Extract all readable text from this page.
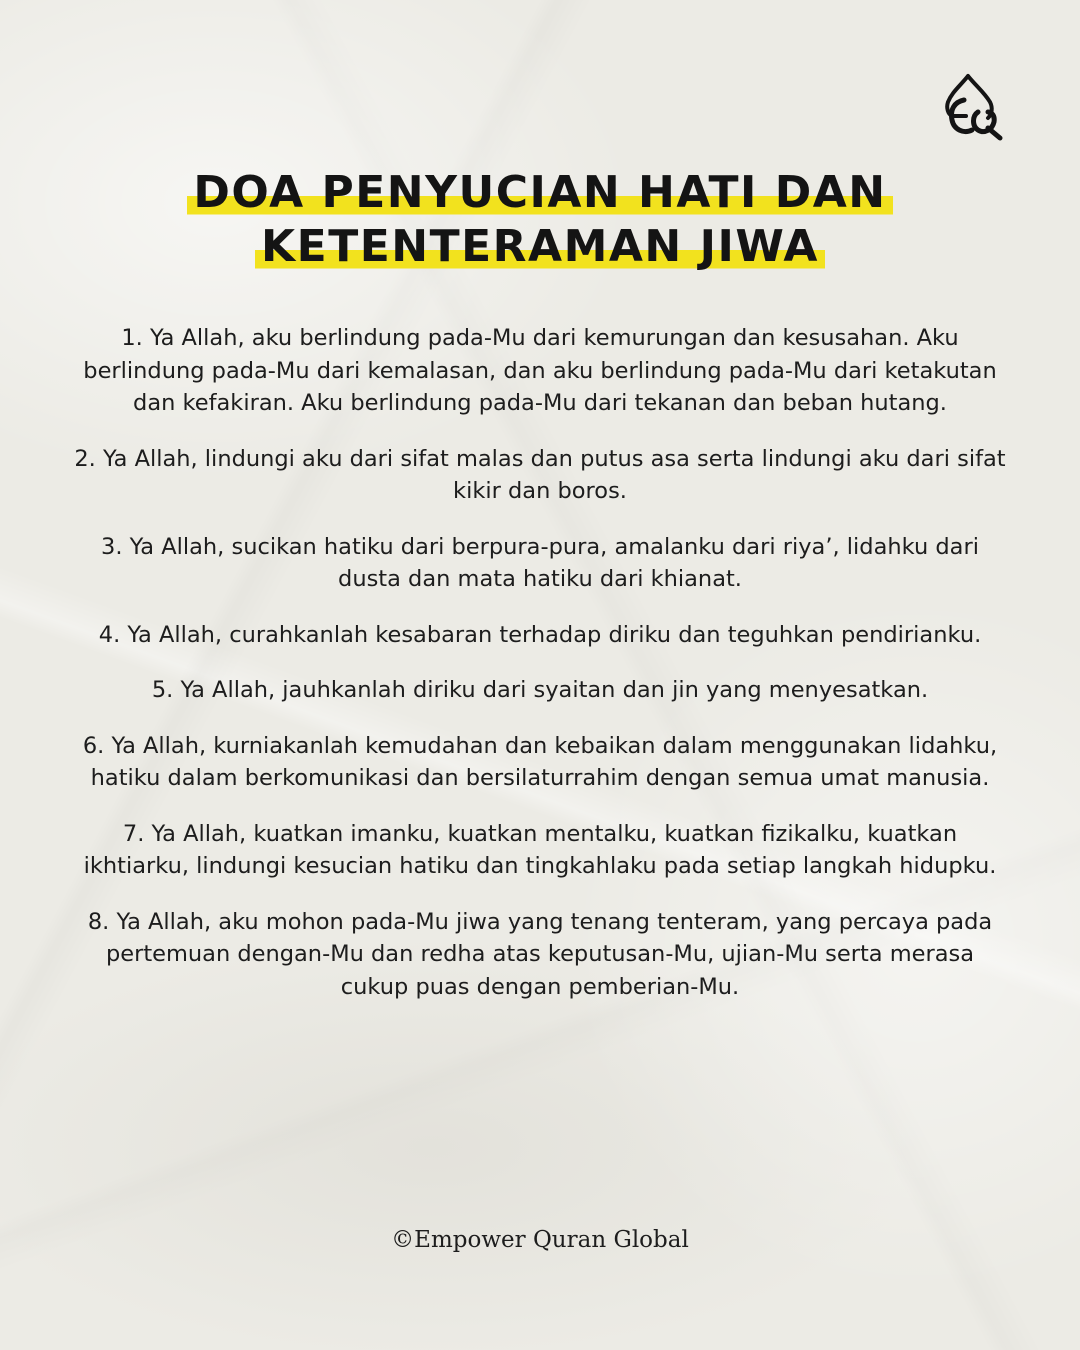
DOA PENYUCIAN HATI DAN
KETENTERAMAN JIWA
1. Ya Allah, aku berlindung pada-Mu dari kemurungan dan kesusahan. Aku berlindung pada-Mu dari kemalasan, dan aku berlindung pada-Mu dari ketakutan dan kefakiran. Aku berlindung pada-Mu dari tekanan dan beban hutang.
2. Ya Allah, lindungi aku dari sifat malas dan putus asa serta lindungi aku dari sifat kikir dan boros.
3. Ya Allah, sucikan hatiku dari berpura-pura, amalanku dari riya’, lidahku dari dusta dan mata hatiku dari khianat.
4. Ya Allah, curahkanlah kesabaran terhadap diriku dan teguhkan pendirianku.
5. Ya Allah, jauhkanlah diriku dari syaitan dan jin yang menyesatkan.
6. Ya Allah, kurniakanlah kemudahan dan kebaikan dalam menggunakan lidahku, hatiku dalam berkomunikasi dan bersilaturrahim dengan semua umat manusia.
7. Ya Allah, kuatkan imanku, kuatkan mentalku, kuatkan fizikalku, kuatkan ikhtiarku, lindungi kesucian hatiku dan tingkahlaku pada setiap langkah hidupku.
8. Ya Allah, aku mohon pada-Mu jiwa yang tenang tenteram, yang percaya pada pertemuan dengan-Mu dan redha atas keputusan-Mu, ujian-Mu serta merasa cukup puas dengan pemberian-Mu.
©Empower Quran Global
